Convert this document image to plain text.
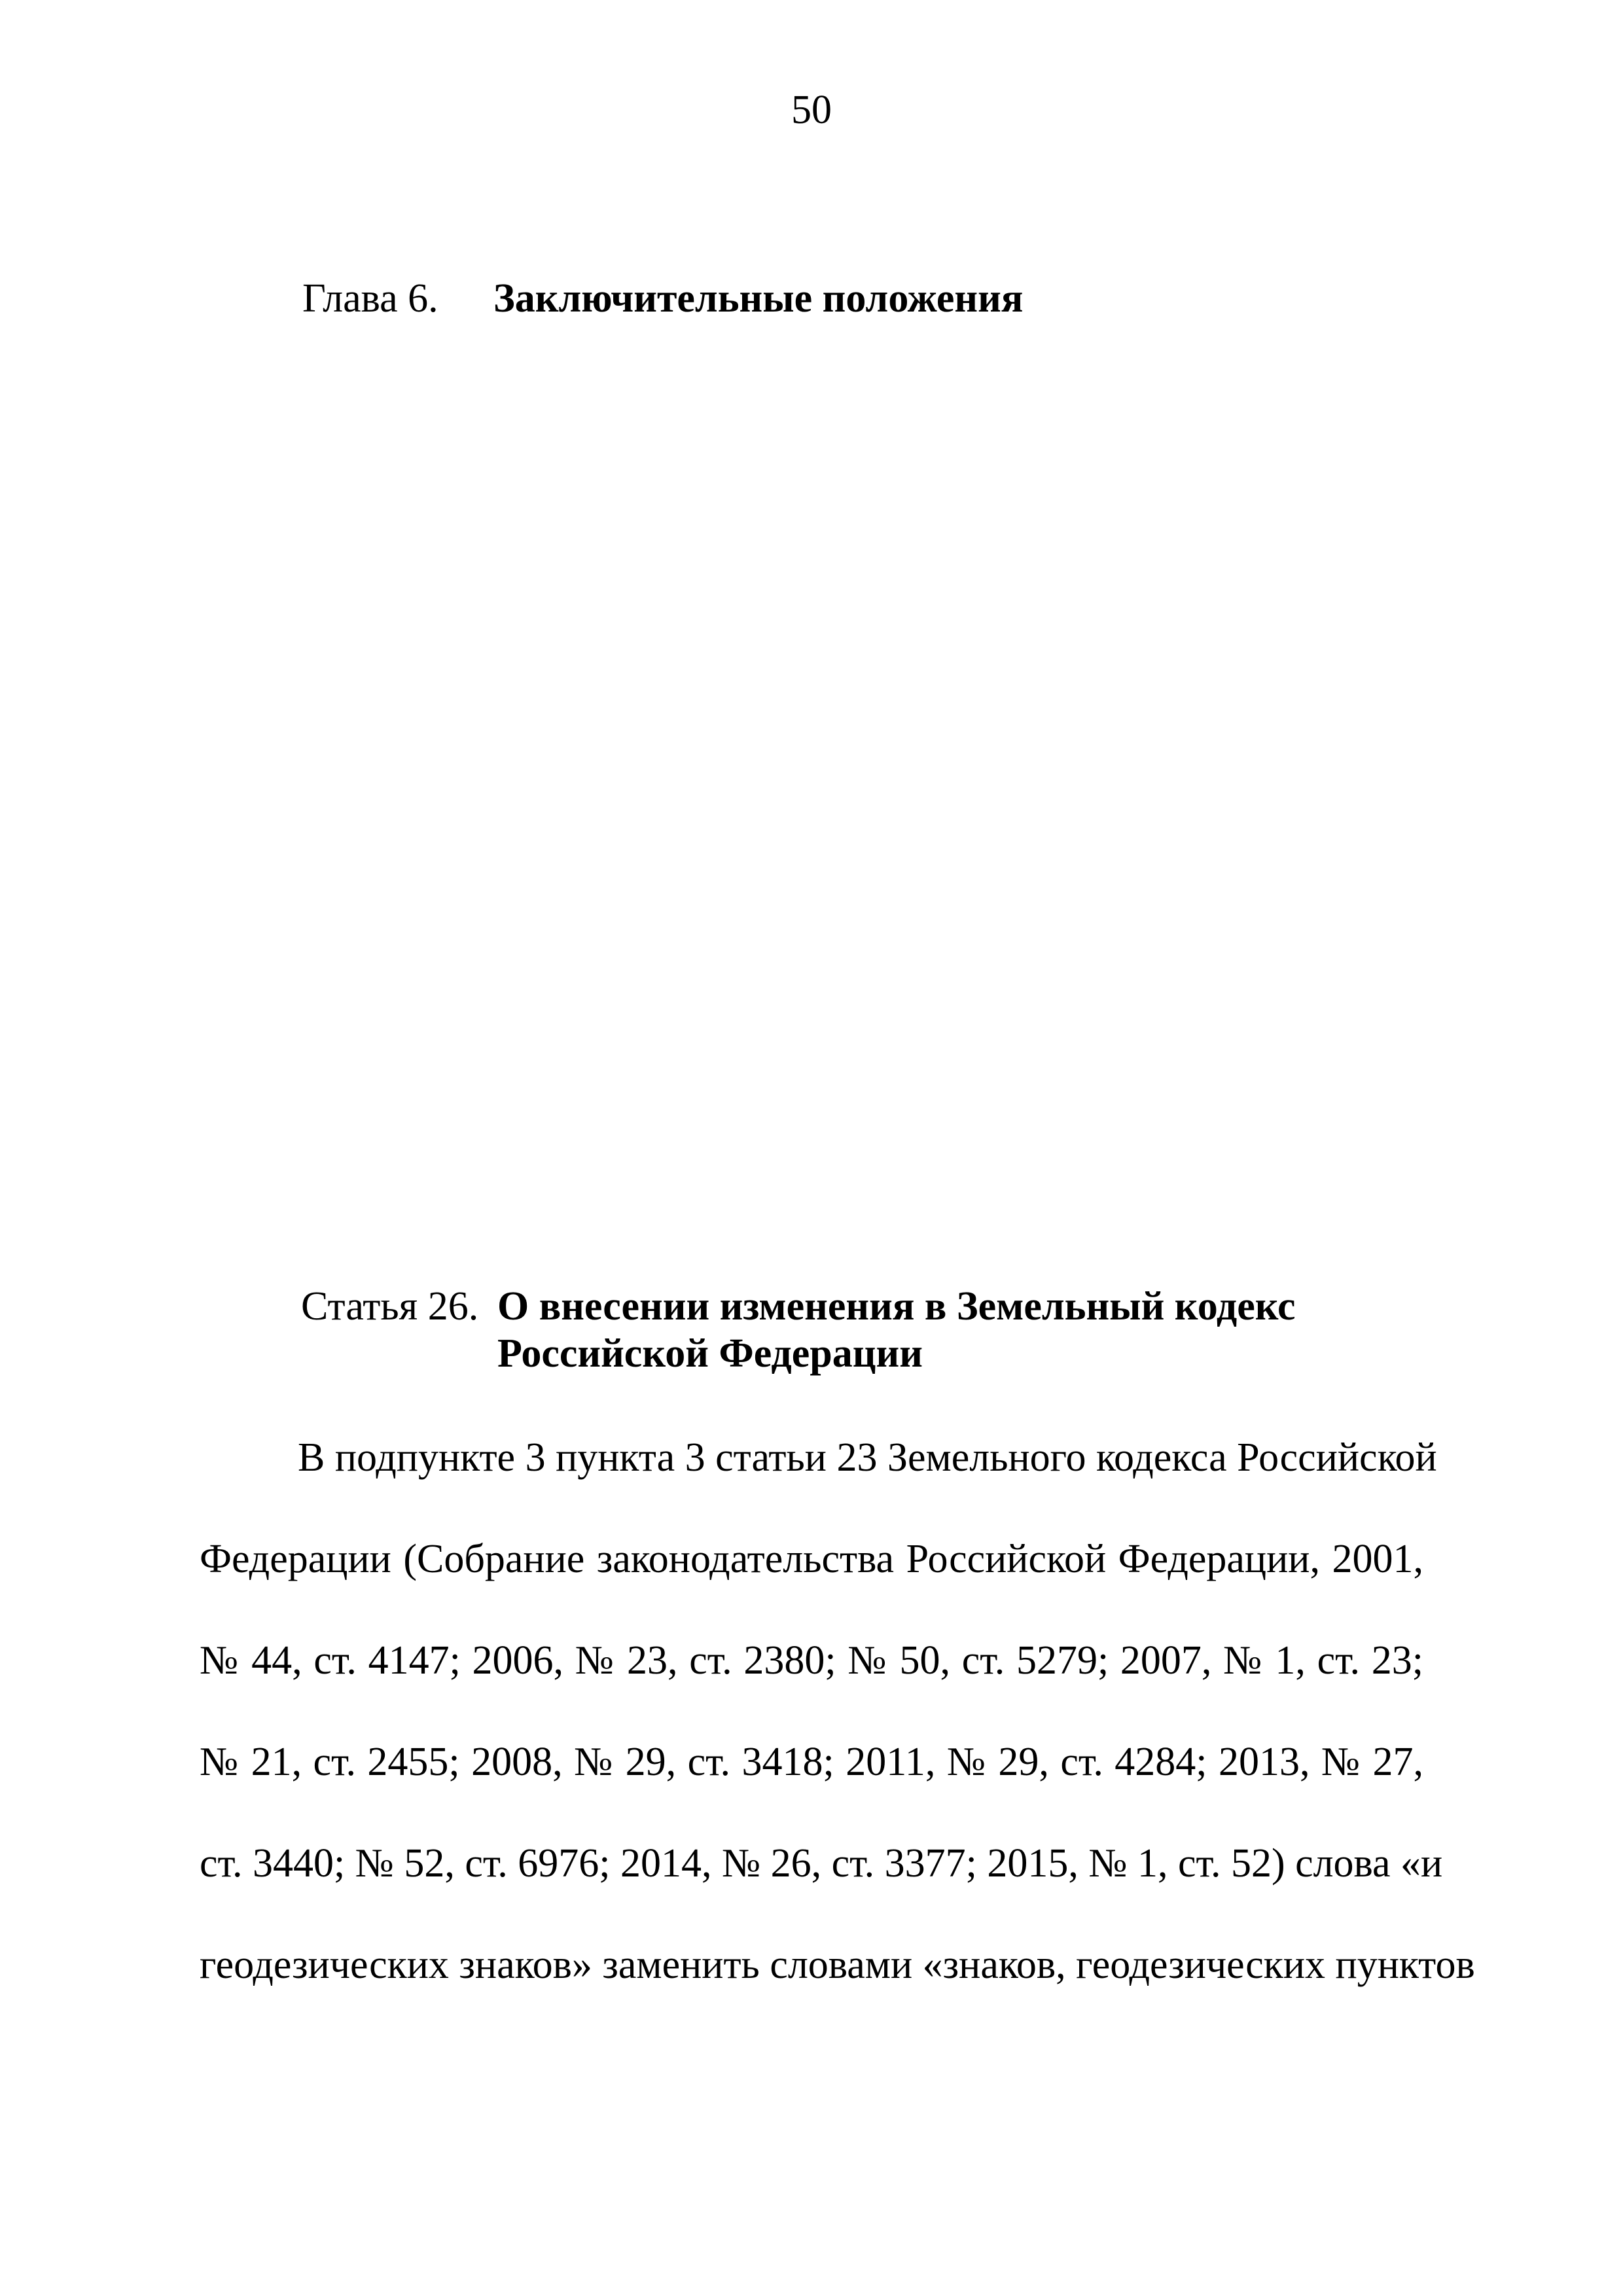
50
Глава 6. Заключительные положения
Статья 26. О внесении изменения в Земельный кодекс
Российской Федерации
В подпункте 3 пункта 3 статьи 23 Земельного кодекса Российской
Федерации (Собрание законодательства Российской Федерации, 2001,
№ 44, ст. 4147; 2006, № 23, ст. 2380; № 50, ст. 5279; 2007, № 1, ст. 23;
№ 21, ст. 2455; 2008, № 29, ст. 3418; 2011, № 29, ст. 4284; 2013, № 27,
ст. 3440; № 52, ст. 6976; 2014, № 26, ст. 3377; 2015, № 1, ст. 52) слова «и
геодезических знаков» заменить словами «знаков, геодезических пунктов
